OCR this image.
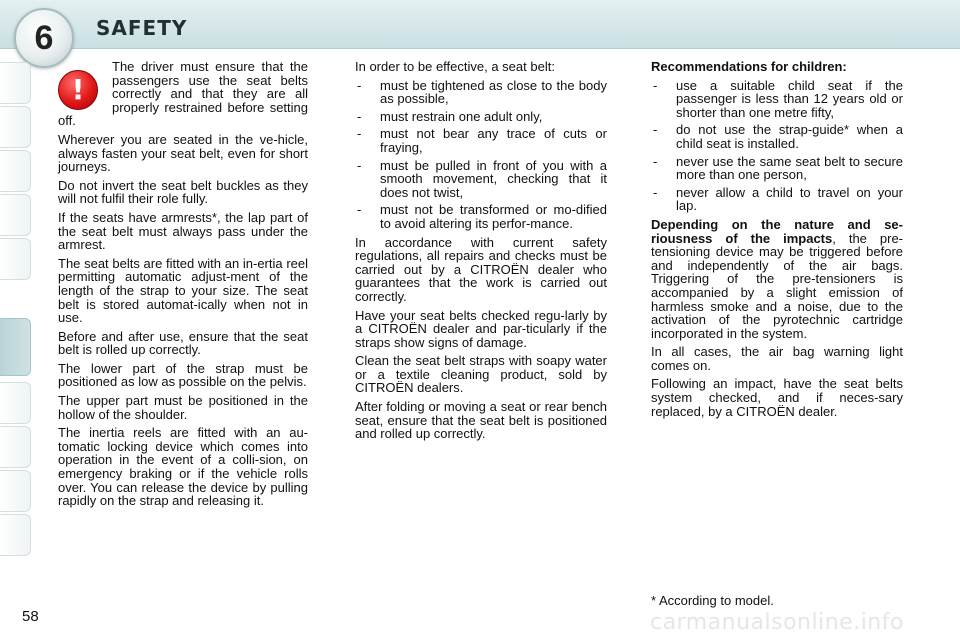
6	SAFETY
!

The driver must ensure that the passengers use the seat belts correctly and that they are all properly restrained before setting off.

Wherever you are seated in the ve-hicle, always fasten your seat belt, even for short journeys.

Do not invert the seat belt buckles as they will not fulfil their role fully.

If the seats have armrests*, the lap part of the seat belt must always pass under the armrest.

The seat belts are fitted with an in-ertia reel permitting automatic adjust-ment of the length of the strap to your size. The seat belt is stored automat-ically when not in use.

Before and after use, ensure that the seat belt is rolled up correctly.

The lower part of the strap must be positioned as low as possible on the pelvis.

The upper part must be positioned in the hollow of the shoulder.

The inertia reels are fitted with an au-tomatic locking device which comes into operation in the event of a colli-sion, on emergency braking or if the vehicle rolls over. You can release the device by pulling rapidly on the strap and releasing it.

In order to be effective, a seat belt:

- must be tightened as close to the body as possible,
- must restrain one adult only,
- must not bear any trace of cuts or fraying,
- must be pulled in front of you with a smooth movement, checking that it does not twist,
- must not be transformed or mo-dified to avoid altering its perfor-mance.

In accordance with current safety regulations, all repairs and checks must be carried out by a CITROËN dealer who guarantees that the work is carried out correctly.

Have your seat belts checked regu-larly by a CITROËN dealer and par-ticularly if the straps show signs of damage.

Clean the seat belt straps with soapy water or a textile cleaning product, sold by CITROËN dealers.

After folding or moving a seat or rear bench seat, ensure that the seat belt is positioned and rolled up correctly.

Recommendations for children:

- use a suitable child seat if the passenger is less than 12 years old or shorter than one metre fifty,
- do not use the strap-guide* when a child seat is installed.
- never use the same seat belt to secure more than one person,
- never allow a child to travel on your lap.

Depending on the nature and se-riousness of the impacts, the pre-tensioning device may be triggered before and independently of the air bags. Triggering of the pre-tensioners is accompanied by a slight emission of harmless smoke and a noise, due to the activation of the pyrotechnic cartridge incorporated in the system.

In all cases, the air bag warning light comes on.

Following an impact, have the seat belts system checked, and if neces-sary replaced, by a CITROËN dealer.

* According to model.
58	carmanualsonline.info
